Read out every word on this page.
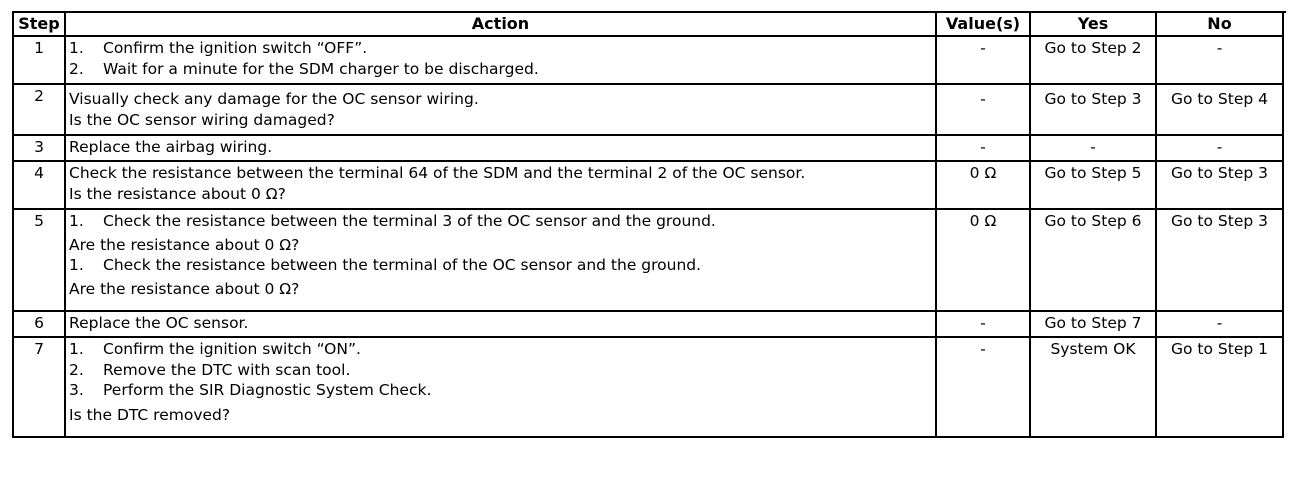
Step	Action	Value(s)	Yes	No
1	1. Confirm the ignition switch “OFF”.
2. Wait for a minute for the SDM charger to be discharged.
-	Go to Step 2	-
2	Visually check any damage for the OC sensor wiring.
Is the OC sensor wiring damaged?
-	Go to Step 3	Go to Step 4
3	Replace the airbag wiring.	-	-	-
4	Check the resistance between the terminal 64 of the SDM and the terminal 2 of the OC sensor.
Is the resistance about 0 Ω?
0 Ω	Go to Step 5	Go to Step 3
5	1. Check the resistance between the terminal 3 of the OC sensor and the ground.
Are the resistance about 0 Ω?
1. Check the resistance between the terminal of the OC sensor and the ground.
Are the resistance about 0 Ω?
0 Ω	Go to Step 6	Go to Step 3
6	Replace the OC sensor.	-	Go to Step 7	-
7	1. Confirm the ignition switch “ON”.
2. Remove the DTC with scan tool.
3. Perform the SIR Diagnostic System Check.
Is the DTC removed?
-	System OK	Go to Step 1
